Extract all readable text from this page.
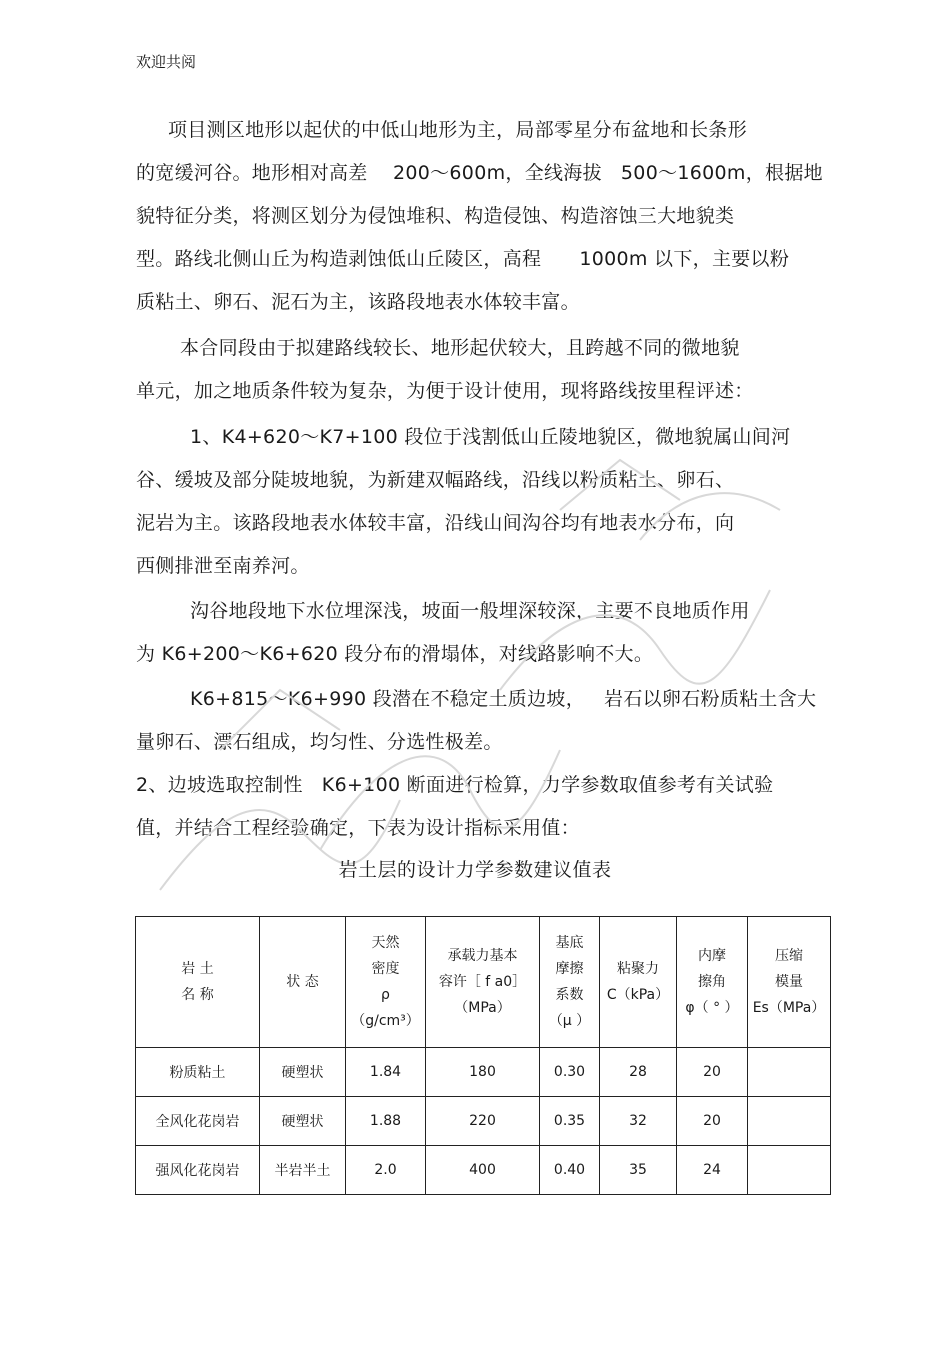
欢迎共阅
项目测区地形以起伏的中低山地形为主，局部零星分布盆地和长条形
的宽缓河谷。地形相对高差    200～600m，全线海拔   500～1600m，根据地
貌特征分类，将测区划分为侵蚀堆积、构造侵蚀、构造溶蚀三大地貌类
型。路线北侧山丘为构造剥蚀低山丘陵区，高程      1000m 以下，主要以粉
质粘土、卵石、泥石为主，该路段地表水体较丰富。
本合同段由于拟建路线较长、地形起伏较大，且跨越不同的微地貌
单元，加之地质条件较为复杂，为便于设计使用，现将路线按里程评述：
1、K4+620～K7+100 段位于浅割低山丘陵地貌区，微地貌属山间河
谷、缓坡及部分陡坡地貌，为新建双幅路线，沿线以粉质粘土、卵石、
泥岩为主。该路段地表水体较丰富，沿线山间沟谷均有地表水分布，向
西侧排泄至南养河。
沟谷地段地下水位埋深浅，坡面一般埋深较深，主要不良地质作用
为 K6+200～K6+620 段分布的滑塌体，对线路影响不大。
K6+815～K6+990 段潜在不稳定土质边坡，   岩石以卵石粉质粘土含大
量卵石、漂石组成，均匀性、分选性极差。
2、边坡选取控制性   K6+100 断面进行检算，力学参数取值参考有关试验
值，并结合工程经验确定，下表为设计指标采用值：
岩土层的设计力学参数建议值表
岩 土
名 称	状 态	天然
密度
ρ
（g/cm³）	承载力基本
容许［ f a0］
（MPa）	基底
摩擦
系数
（μ ）	粘聚力
C（kPa）	内摩
擦角
φ（ ° ）	压缩
模量
Es（MPa）
粉质粘土	硬塑状	1.84	180	0.30	28	20	
全风化花岗岩	硬塑状	1.88	220	0.35	32	20	
强风化花岗岩	半岩半土	2.0	400	0.40	35	24	
